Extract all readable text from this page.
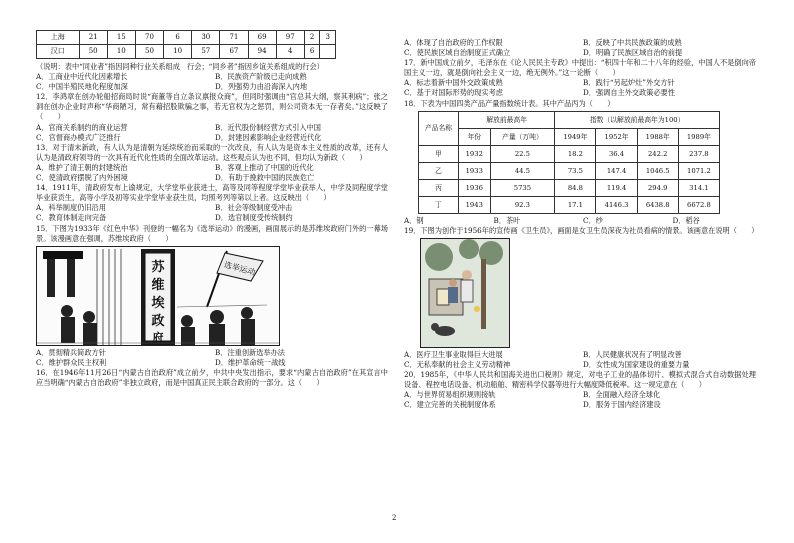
上海	21	15	70	6	30	71	69	97	2	3
汉口	50	10	50	10	57	67	94	4	6	

（说明：表中“同业者”指因同种行业关系组成　行会；“同乡者”指因乡谊关系组成的行会）

A．工商业中近代化因素增长	B．民族资产阶级已走向成熟
C．中国半殖民地化程度加深	D．列强势力由沿海深入内地

12．李鸿章在创办轮船招商局时说“商董等自立条议禀报众商”，但同时强调由“官总其大纲，察其利病”；张之洞在创办企业时声称“华商陋习，常有藉招股欺骗之事，若无官权为之惩罚，则公司资本无一存者矣。”这反映了（　　）

A．官商关系制约的商业运营	B．近代股份制经营方式引入中国
C．官督商办模式广泛推行	D．封建因素影响企业经营近代化

13．对于清末新政，有人认为是清朝为延续统治而采取的一次改良，有人认为是资本主义性质的改革，还有人认为是清政府领导的一次具有近代化性质的全面改革运动。这些观点认为也不同，但均认为新政（　　）

A．维护了清王朝的封建统治	B．客观上推动了中国的近代化
C．使清政府摆脱了内外困境	D．有助于挽救中国的民族危亡

14．1911年，清政府发布上谕规定，大学堂毕业获进士，高等及同等程度学堂毕业获举人，中学及同程度学堂毕业获贡生，高等小学及初等实业学堂毕业获生员，均照考列等第以上者。这反映出（　　）

A．科举制度仍旧沿用	B．社会等级制度受冲击
C．教育体制走向完备	D．选官制度受传统制约

15．下图为1933年《红色中华》刊登的一幅名为《选举运动》的漫画，画面展示的是苏维埃政府门外的一幕场景。该漫画意在强调，苏维埃政府（　　）

苏
维
埃
政
府
选举运动
A．贯彻精兵简政方针	B．注重创新选举办法
C．维护群众民主权利	D．维护革命统一战线

16．在1946年11月26日“内蒙古自治政府”成立前夕，中共中央发出指示，要求“内蒙古自治政府”在其宣言中应当明确“内蒙古自治政府”非独立政府，而是中国真正民主联合政府的一部分。这（　　）

A．体现了自治政府的工作权限	B．反映了中共民族政策的成熟
C．使民族区域自治制度正式确立	D．明确了民族区域自治的前提

17．新中国成立前夕，毛泽东在《论人民民主专政》中提出：“积四十年和二十八年的经验，中国人不是倒向帝国主义一边，就是倒向社会主义一边，绝无例外。”这一论断（　　）

A．标志着新中国外交政策成熟	B．践行“另起炉灶”外交方针
C．基于对国际形势的现实考虑	D．强调自主外交政策必要性

18．下表为中国四类产品产量指数统计表。其中产品丙为（　　）

产品名称	解放前最高年		指数（以解放前最高年为100）			
	年份	产量（万吨）	1949年	1952年	1988年	1989年
甲	1932	22.5	18.2	36.4	242.2	237.8
乙	1933	44.5	73.5	147.4	1046.5	1071.2
丙	1936	5735	84.8	119.4	294.9	314.1
丁	1943	92.3	17.1	4146.3	6438.8	6672.8
A．钢	B．茶叶	C．纱	D．稻谷

19．下图为创作于1956年的宣传画《卫生员》，画面是女卫生员深夜为社员看病的情景。该画意在说明（　　）

A．医疗卫生事业取得巨大进展	B．人民健康状况有了明显改善
C．无私奉献的社会主义劳动精神	D．女性成为国家建设的重要力量

20．1985年，《中华人民共和国海关进出口税则》规定，对电子工业的晶体切片、模拟式混合式自动数据处理设备、程控电话设备、机动船舶、精密科学仪器等进行大幅度降低税率。这一规定意在（　　）

A．与世界贸易组织规则接轨	B．全面融入经济全球化
C．建立完善的关税制度体系	D．服务于国内经济建设
2
